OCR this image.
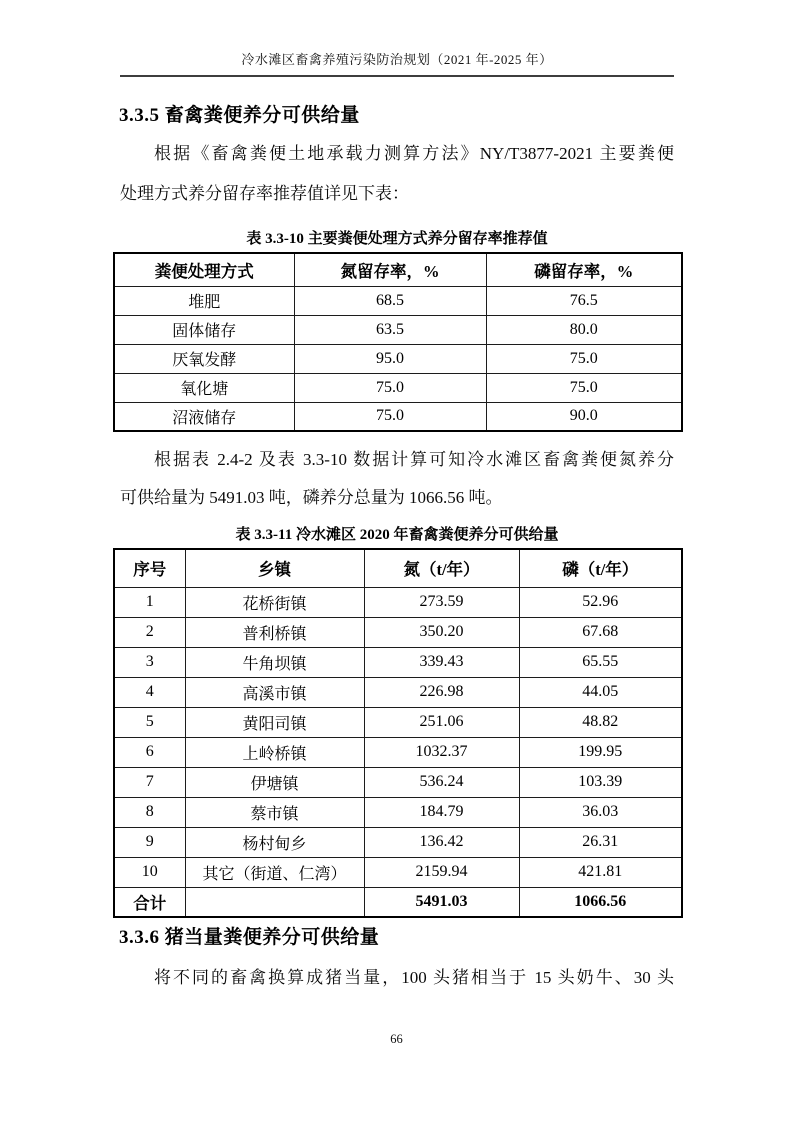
冷水滩区畜禽养殖污染防治规划（2021 年-2025 年）
3.3.5 畜禽粪便养分可供给量
根据《畜禽粪便土地承载力测算方法》NY/T3877-2021 主要粪便
处理方式养分留存率推荐值详见下表：
表 3.3-10 主要粪便处理方式养分留存率推荐值
粪便处理方式	氮留存率，%	磷留存率，%
堆肥	68.5	76.5
固体储存	63.5	80.0
厌氧发酵	95.0	75.0
氧化塘	75.0	75.0
沼液储存	75.0	90.0
根据表 2.4-2 及表 3.3-10 数据计算可知冷水滩区畜禽粪便氮养分
可供给量为 5491.03 吨，磷养分总量为 1066.56 吨。
表 3.3-11 冷水滩区 2020 年畜禽粪便养分可供给量
序号	乡镇	氮（t/年）	磷（t/年）
1	花桥街镇	273.59	52.96
2	普利桥镇	350.20	67.68
3	牛角坝镇	339.43	65.55
4	高溪市镇	226.98	44.05
5	黄阳司镇	251.06	48.82
6	上岭桥镇	1032.37	199.95
7	伊塘镇	536.24	103.39
8	蔡市镇	184.79	36.03
9	杨村甸乡	136.42	26.31
10	其它（街道、仁湾）	2159.94	421.81
合计		5491.03	1066.56
3.3.6 猪当量粪便养分可供给量
将不同的畜禽换算成猪当量，100 头猪相当于 15 头奶牛、30 头
66
